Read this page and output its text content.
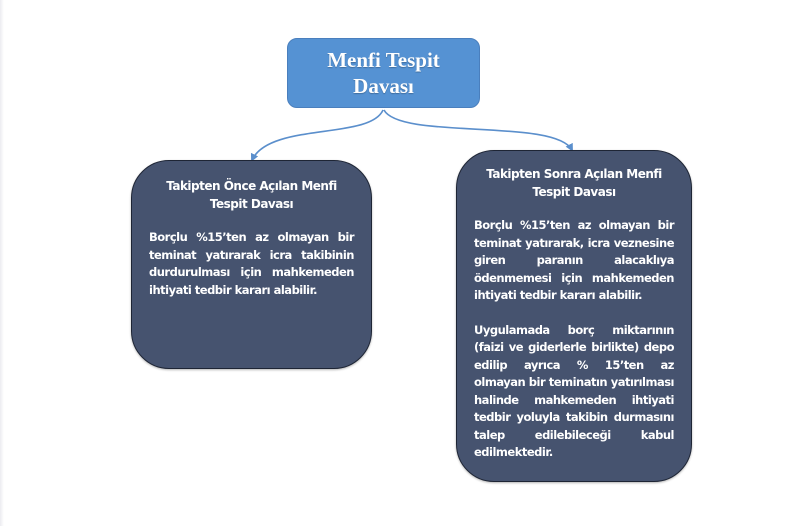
Menfi Tespit Davası
Takipten Önce Açılan Menfi Tespit Davası
Borçlu %15’ten az olmayan bir teminat yatırarak icra takibinin durdurulması için mahkemeden ihtiyati tedbir kararı alabilir.
Takipten Sonra Açılan Menfi Tespit Davası
Borçlu %15’ten az olmayan bir teminat yatırarak, icra veznesine giren paranın alacaklıya ödenmemesi için mahkemeden ihtiyati tedbir kararı alabilir.
Uygulamada borç miktarının (faizi ve giderlerle birlikte) depo edilip ayrıca % 15’ten az olmayan bir teminatın yatırılması halinde mahkemeden ihtiyati tedbir yoluyla takibin durmasını talep edilebileceği kabul edilmektedir.
